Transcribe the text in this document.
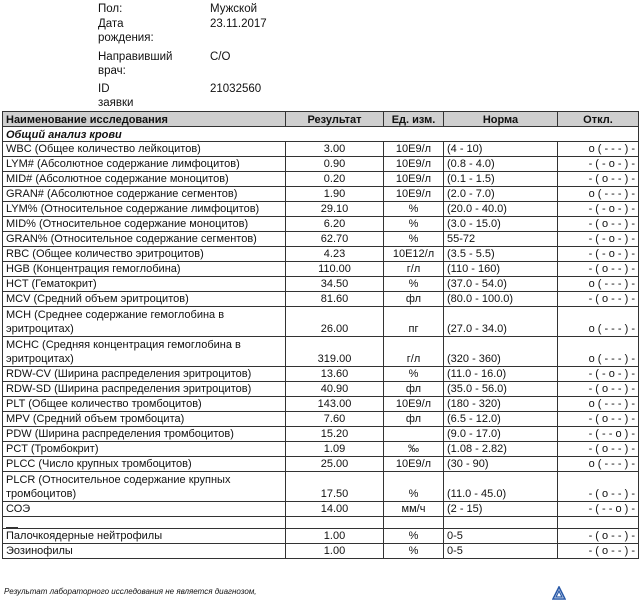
Пол:	Мужской
Дата рождения:
23.11.2017
Направивший врач:
С/О
ID заявки
21032560
Наименование исследования	Результат	Ед. изм.	Норма	Откл.
Общий анализ крови				
WBC (Общее количество лейкоцитов)	3.00	10E9/л	(4 - 10)	о ( - - - ) -
LYM# (Абсолютное содержание лимфоцитов)	0.90	10E9/л	(0.8 - 4.0)	- ( - о - ) -
MID# (Абсолютное содержание моноцитов)	0.20	10E9/л	(0.1 - 1.5)	- ( о - - ) -
GRAN# (Абсолютное содержание сегментов)	1.90	10E9/л	(2.0 - 7.0)	о ( - - - ) -
LYM% (Относительное содержание лимфоцитов)	29.10	%	(20.0 - 40.0)	- ( - о - ) -
MID% (Относительное содержание моноцитов)	6.20	%	(3.0 - 15.0)	- ( о - - ) -
GRAN% (Относительное содержание сегментов)	62.70	%	55-72	- ( - о - ) -
RBC (Общее количество эритроцитов)	4.23	10E12/л	(3.5 - 5.5)	- ( - о - ) -
HGB (Концентрация гемоглобина)	110.00	г/л	(110 - 160)	- ( о - - ) -
HCT (Гематокрит)	34.50	%	(37.0 - 54.0)	о ( - - - ) -
MCV (Средний объем эритроцитов)	81.60	фл	(80.0 - 100.0)	- ( о - - ) -
MCH (Среднее содержание гемоглобина в эритроцитах)	26.00	пг	(27.0 - 34.0)	о ( - - - ) -
MCHC (Средняя концентрация гемоглобина в эритроцитах)	319.00	г/л	(320 - 360)	о ( - - - ) -
RDW-CV (Ширина распределения эритроцитов)	13.60	%	(11.0 - 16.0)	- ( - о - ) -
RDW-SD (Ширина распределения эритроцитов)	40.90	фл	(35.0 - 56.0)	- ( о - - ) -
PLT (Общее количество тромбоцитов)	143.00	10E9/л	(180 - 320)	о ( - - - ) -
MPV (Средний объем тромбоцита)	7.60	фл	(6.5 - 12.0)	- ( о - - ) -
PDW (Ширина распределения тромбоцитов)	15.20		(9.0 - 17.0)	- ( - - о ) -
PCT (Тромбокрит)	1.09	‰	(1.08 - 2.82)	- ( о - - ) -
PLCC (Число крупных тромбоцитов)	25.00	10E9/л	(30 - 90)	о ( - - - ) -
PLCR (Относительное содержание крупных тромбоцитов)	17.50	%	(11.0 - 45.0)	- ( о - - ) -
СОЭ	14.00	мм/ч	(2 - 15)	- ( - - о ) -

Палочкоядерные нейтрофилы	1.00	%	0-5	- ( о - - ) -
Эозинофилы	1.00	%	0-5	- ( о - - ) -
Результат лабораторного исследования не является диагнозом,
